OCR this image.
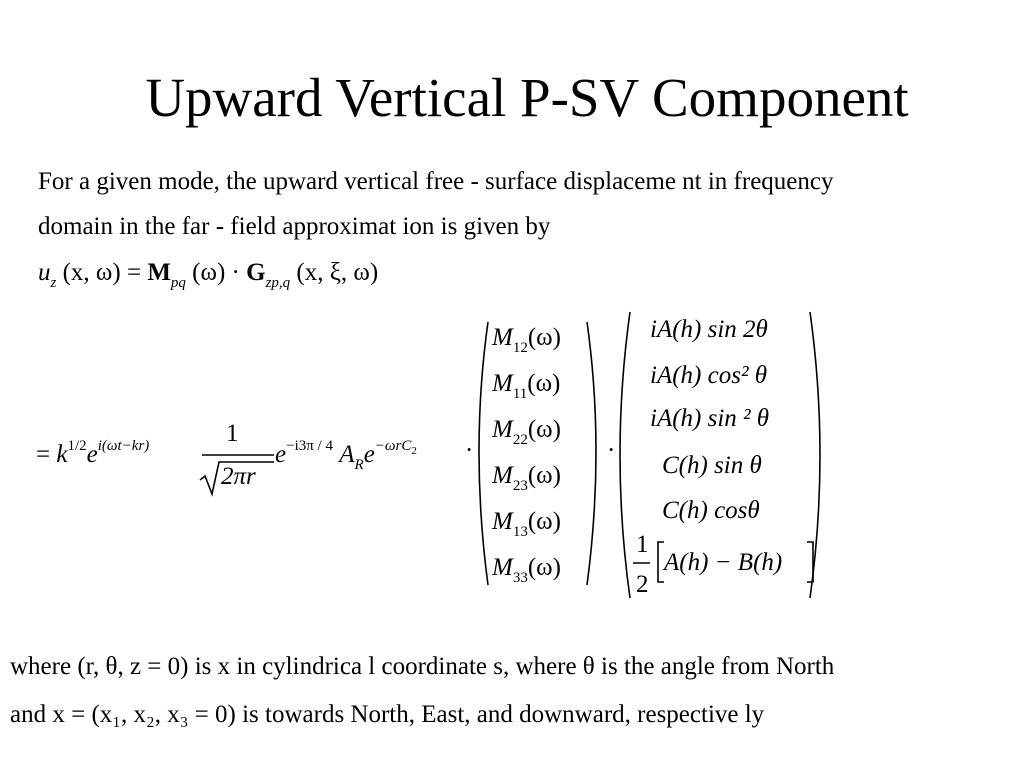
Upward Vertical P-SV Component
For a given mode, the upward vertical free - surface displaceme nt in frequency
domain in the far - field approximat ion is given by
$u_z$ (x, $\omega) = M_{pq}$ $(\omega) \cdot G_{zp,q}$ (x, ξ, ω)
= $k^{1/2}e^{i(\omega t-kr)}$	1
2πr
$e^{-i3\pi / 4}$ $A_Re^{-\omega rC2}$ ·	·
$M_{12}(\omega)$
$M_{11}(\omega)$
$M_{22}(\omega)$
$M_{23}(\omega)$
$M_{13}(\omega)$
$M_{33}(\omega)$
iA(h) sin 2θ
iA(h) cos² θ
iA(h) sin ² θ
C(h) sin θ
C(h) cosθ
1
2
A(h) − B(h)
where (r, θ, z = 0) is x in cylindrica l coordinate s, where θ is the angle from North
and x = (x₁, x₂, x₃ = 0) is towards North, East, and downward, respective ly
